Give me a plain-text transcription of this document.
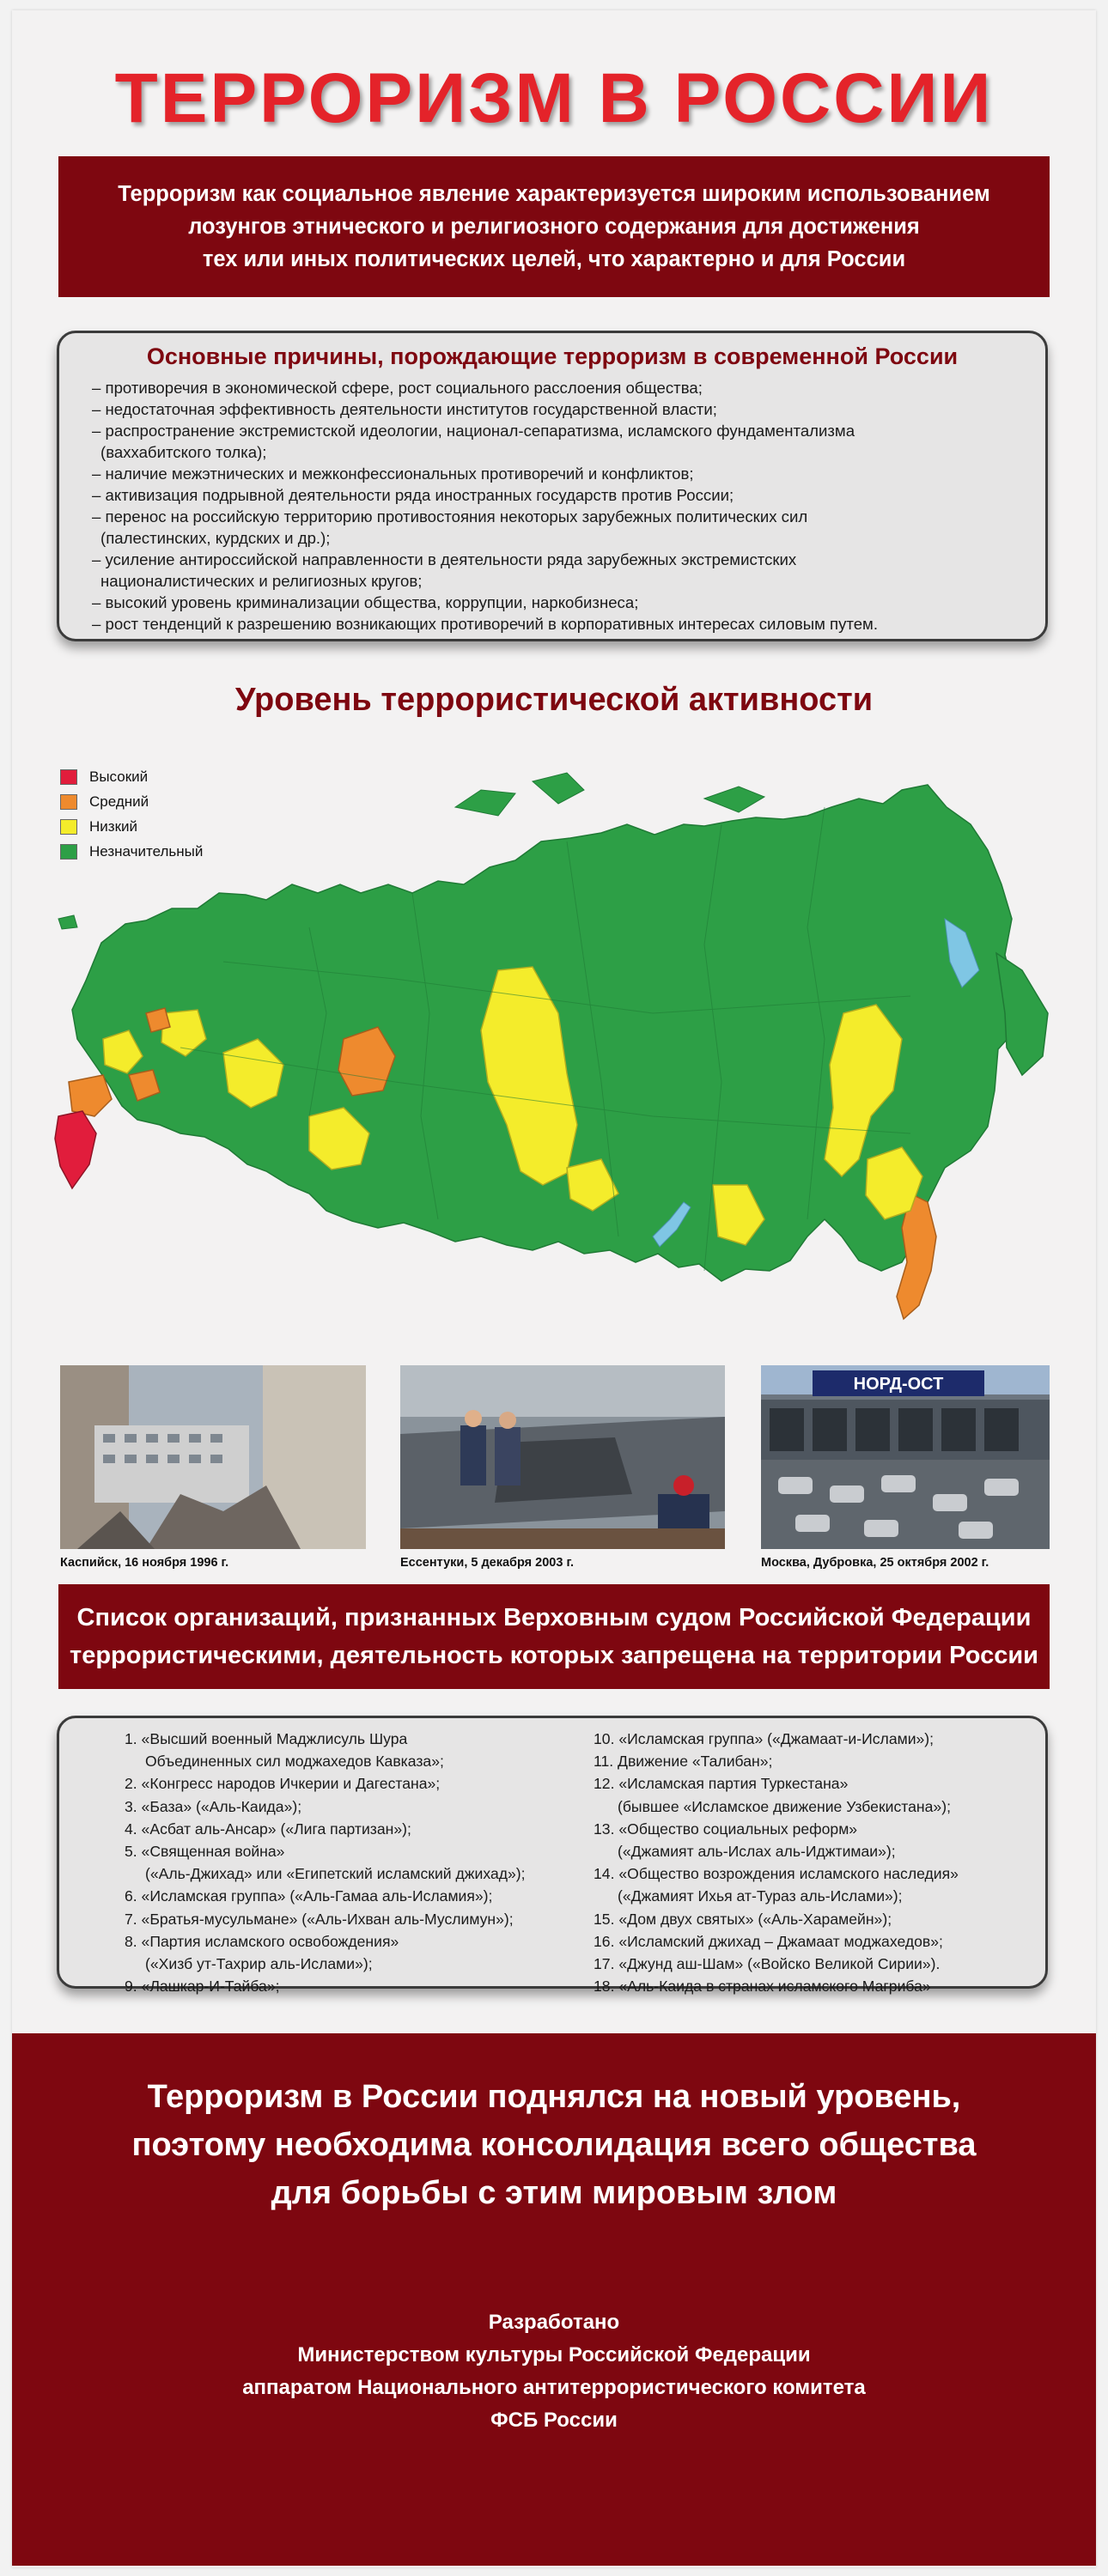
ТЕРРОРИЗМ В РОССИИ
Терроризм как социальное явление характеризуется широким использованием
лозунгов этнического и религиозного содержания для достижения
тех или иных политических целей, что характерно и для России
Основные причины, порождающие терроризм в современной России
– противоречия в экономической сфере, рост социального расслоения общества;
– недостаточная эффективность деятельности институтов государственной власти;
– распространение экстремистской идеологии, национал-сепаратизма, исламского фундаментализма
(ваххабитского толка);
– наличие межэтнических и межконфессиональных противоречий и конфликтов;
– активизация подрывной деятельности ряда иностранных государств против России;
– перенос на российскую территорию противостояния некоторых зарубежных политических сил
(палестинских, курдских и др.);
– усиление антироссийской направленности в деятельности ряда зарубежных экстремистских
националистических и религиозных кругов;
– высокий уровень криминализации общества, коррупции, наркобизнеса;
– рост тенденций к разрешению возникающих противоречий в корпоративных интересах силовым путем.
Уровень террористической активности
Высокий
Средний
Низкий
Незначительный
НОРД-ОСТ
Каспийск, 16 ноября 1996 г.	Ессентуки, 5 декабря 2003 г.	Москва, Дубровка, 25 октября 2002 г.
Список организаций, признанных Верховным судом Российской Федерации
террористическими, деятельность которых запрещена на территории России
1. «Высший военный Маджлисуль Шура
Объединенных сил моджахедов Кавказа»;
2. «Конгресс народов Ичкерии и Дагестана»;
3. «База» («Аль-Каида»);
4. «Асбат аль-Ансар» («Лига партизан»);
5. «Священная война»
(«Аль-Джихад» или «Египетский исламский джихад»);
6. «Исламская группа» («Аль-Гамаа аль-Исламия»);
7. «Братья-мусульмане» («Аль-Ихван аль-Муслимун»);
8. «Партия исламского освобождения»
(«Хизб ут-Тахрир аль-Ислами»);
9. «Лашкар-И-Тайба»;
10. «Исламская группа» («Джамаат-и-Ислами»);
11. Движение «Талибан»;
12. «Исламская партия Туркестана»
(бывшее «Исламское движение Узбекистана»);
13. «Общество социальных реформ»
(«Джамият аль-Ислах аль-Иджтимаи»);
14. «Общество возрождения исламского наследия»
(«Джамият Ихья ат-Тураз аль-Ислами»);
15. «Дом двух святых» («Аль-Харамейн»);
16. «Исламский джихад – Джамаат моджахедов»;
17. «Джунд аш-Шам» («Войско Великой Сирии»).
18. «Аль-Каида в странах исламского Магриба»
Терроризм в России поднялся на новый уровень,
поэтому необходима консолидация всего общества
для борьбы с этим мировым злом
Разработано
Министерством культуры Российской Федерации
аппаратом Национального антитеррористического комитета
ФСБ России
